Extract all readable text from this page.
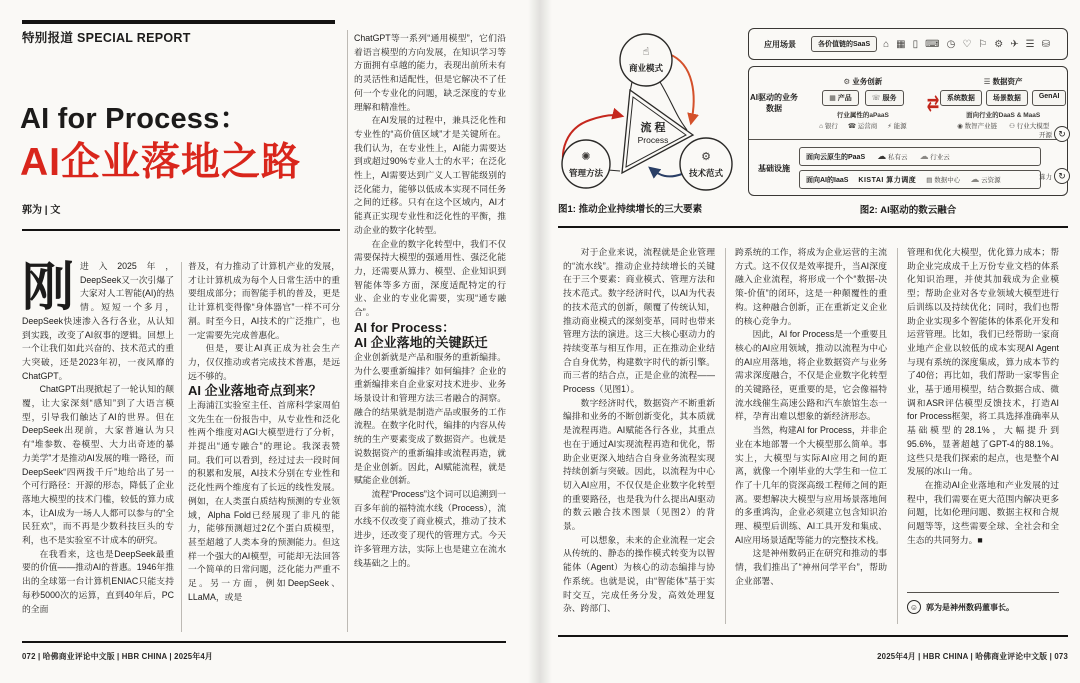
特别报道 SPECIAL REPORT
AI for Process：
AI企业落地之路
郭为 | 文

刚进入2025年，DeepSeek又一次引爆了大家对人工智能(AI)的热情。短短一个多月，DeepSeek快速渗入各行各业，从认知到实践，改变了AI叙事的逻辑。回想上一个让我们如此兴奋的、技术范式的重大突破，还是2023年初，一夜风靡的ChatGPT。

ChatGPT出现掀起了一轮认知的颠覆，让大家深刻“感知”到了大语言模型，引导我们触达了AI的世界。但在DeepSeek出现前，大家普遍认为只有“堆参数、卷模型、大力出奇迹的暴力美学”才是推动AI发展的唯一路径，而DeepSeek“四两拨千斤”地给出了另一个可行路径：开源的形态，降低了企业落地大模型的技术门槛，较低的算力成本，让AI成为一场人人都可以参与的“全民狂欢”，而不再是少数科技巨头的专利，也不是实验室不计成本的研究。

在我看来，这也是DeepSeek最重要的价值——推动AI的普惠。1946年推出的全球第一台计算机ENIAC只能支持每秒5000次的运算，直到40年后，PC的全面

普及，有力推动了计算机产业的发展，才让计算机成为每个人日常生活中的重要组成部分；而智能手机的普及，更是让计算机变得像“身体器官”一样不可分割。时至今日，AI技术的广泛推广，也一定需要先完成普惠化。

但是，要让AI真正成为社会生产力，仅仅推动或者完成技术普惠，是远远不够的。

AI 企业落地奇点到来？

上海浦江实验室主任、首席科学家周伯文先生在一份报告中，从专业性和泛化性两个维度对AGI大模型进行了分析，并提出“通专融合”的理论。我深表赞同。我们可以看到，经过过去一段时间的积累和发展，AI技术分别在专业性和泛化性两个维度有了长远的线性发展。例如，在人类蛋白质结构预测的专业领域，Alpha Fold已经展现了非凡的能力，能够预测超过2亿个蛋白质模型，甚至超越了人类本身的预测能力。但这样一个强大的AI模型，可能却无法回答一个简单的日常问题，泛化能力严重不足。另一方面，例如DeepSeek、LLaMA，或是

ChatGPT等一系列“通用模型”，它们沿着语言模型的方向发展，在知识学习等方面拥有卓越的能力，表现出前所未有的灵活性和适配性，但是它解决不了任何一个专业化的问题，缺乏深度的专业理解和精准性。

在AI发展的过程中，兼具泛化性和专业性的“高价值区域”才是关键所在。我们认为，在专业性上，AI能力需要达到或超过90%专业人士的水平；在泛化性上，AI需要达到广义人工智能级别的泛化能力，能够以低成本实现不同任务之间的迁移。只有在这个区域内，AI才能真正实现专业性和泛化性的平衡，推动企业的数字化转型。

在企业的数字化转型中，我们不仅需要保持大模型的强通用性、强泛化能力，还需要从算力、模型、企业知识到智能体等多方面，深度适配特定的行业、企业的专业化需要，实现“通专融合”。

AI for Process：

AI 企业落地的关键跃迁

企业创新就是产品和服务的重新编排。为什么要重新编排？如何编排？企业的重新编排来自企业家对技术进步、业务场景设计和管理方法三者融合的洞察。融合的结果就是制造产品或服务的工作流程。在数字化时代，编排的内容从传统的生产要素变成了数据资产。也就是说数据资产的重新编排或流程再造，就是企业创新。因此，AI赋能流程，就是赋能企业创新。

流程“Process”这个词可以追溯到一百多年前的福特流水线（Process），流水线不仅改变了商业模式，推动了技术进步，还改变了现代的管理方式。今天许多管理方法，实际上也是建立在流水线基础之上的。

072 | 哈佛商业评论中文版 | HBR CHINA | 2025年4月
☝
✺	⚙
商业模式
管理方法	技术范式
流 程
Process
图1: 推动企业持续增长的三大要素
应用场景	各价值链的SaaS	⌂ ▦ ▯ ⌨ ◷ ♡ ⚐ ⚙ ✈ ☰ ⛁
AI驱动的业务数据
⚙ 业务创新
▦ 产品	☏ 服务
行业属性的aPaaS
⌂ 银行 ☎ 运营商 ⚡ 能源
⇄
☰ 数据资产
系统数据	场景数据	GenAI
面向行业的DaaS & MaaS
◉ 数智产业链 ⚇ 行业大模型
基础设施
面向云原生的PaaS ☁ 私有云 ☁ 行业云
面向AI的IaaS KISTAI 算力调度 ▤ 数据中心 ☁ 云资源
开源 ↻
算力 ↻
图2: AI驱动的数云融合

对于企业来说，流程就是企业管理的“流水线”。推动企业持续增长的关键在于三个要素：商业模式、管理方法和技术范式。数字经济时代，以AI为代表的技术范式的创新，颠覆了传统认知，推动商业模式的深刻变革，同时也带来管理方法的演进。这三大核心驱动力的持续变革与相互作用，正在推动企业结合自身优势，构建数字时代的新引擎。而三者的结合点，正是企业的流程——Process（见图1）。

数字经济时代，数据资产不断重新编排和业务的不断创新变化，其本质就是流程再造。AI赋能各行各业，其重点也在于通过AI实现流程再造和优化，帮助企业更深入地结合自身业务流程实现持续创新与突破。因此，以流程为中心切入AI应用，不仅仅是企业数字化转型的重要路径，也是我为什么提出AI驱动的数云融合技术图景（见图2）的背景。

可以想象，未来的企业流程一定会从传统的、静态的操作模式转变为以智能体（Agent）为核心的动态编排与协作系统。也就是说，由“智能体”基于实时交互，完成任务分发，高效处理复杂、跨部门、

跨系统的工作，将成为企业运营的主流方式。这不仅仅是效率提升，当AI深度融入企业流程，将形成一个个“数据-决策-价值”的闭环，这是一种颠覆性的重构。这种融合创新，正在重新定义企业的核心竞争力。

因此，AI for Process是一个重要且核心的AI应用领域，推动以流程为中心的AI应用落地，将企业数据资产与业务需求深度融合，不仅是企业数字化转型的关键路径，更重要的是，它会像福特流水线催生高速公路和汽车旅馆生态一样，孕育出难以想象的新经济形态。

当然，构建AI for Process，并非企业在本地部署一个大模型那么简单。事实上，大模型与实际AI应用之间的距离，就像一个刚毕业的大学生和一位工作了十几年的资深高级工程师之间的距离。要想解决大模型与应用场景落地间的多重鸿沟，企业必须建立包含知识治理、模型后训练、AI工具开发和集成、AI应用场景适配等能力的完整技术栈。

这是神州数码正在研究和推动的事情，我们推出了“神州问学平台”，帮助企业部署、

管理和优化大模型，优化算力成本；帮助企业完成成千上万份专业文档的体系化知识治理，并使其加载成为企业模型；帮助企业对各专业领域大模型进行后训练以及持续优化；同时，我们也帮助企业实现多个智能体的体系化开发和运营管理。比如，我们已经帮助一家商业地产企业以较低的成本实现AI Agent与现有系统的深度集成，算力成本节约了40倍；再比如，我们帮助一家零售企业，基于通用模型，结合数据合成、微调和ASR评估模型反馈技术，打造AI for Process框架，将工具选择准确率从基础模型的28.1%，大幅提升到95.6%，显著超越了GPT-4的88.1%。这些只是我们探索的起点，也是整个AI发展的冰山一角。

在推动AI企业落地和产业发展的过程中，我们需要在更大范围内解决更多问题，比如伦理问题、数据主权和合规问题等等，这些需要全球、全社会和全生态的共同努力。■

☺ 郭为是神州数码董事长。
2025年4月 | HBR CHINA | 哈佛商业评论中文版 | 073
